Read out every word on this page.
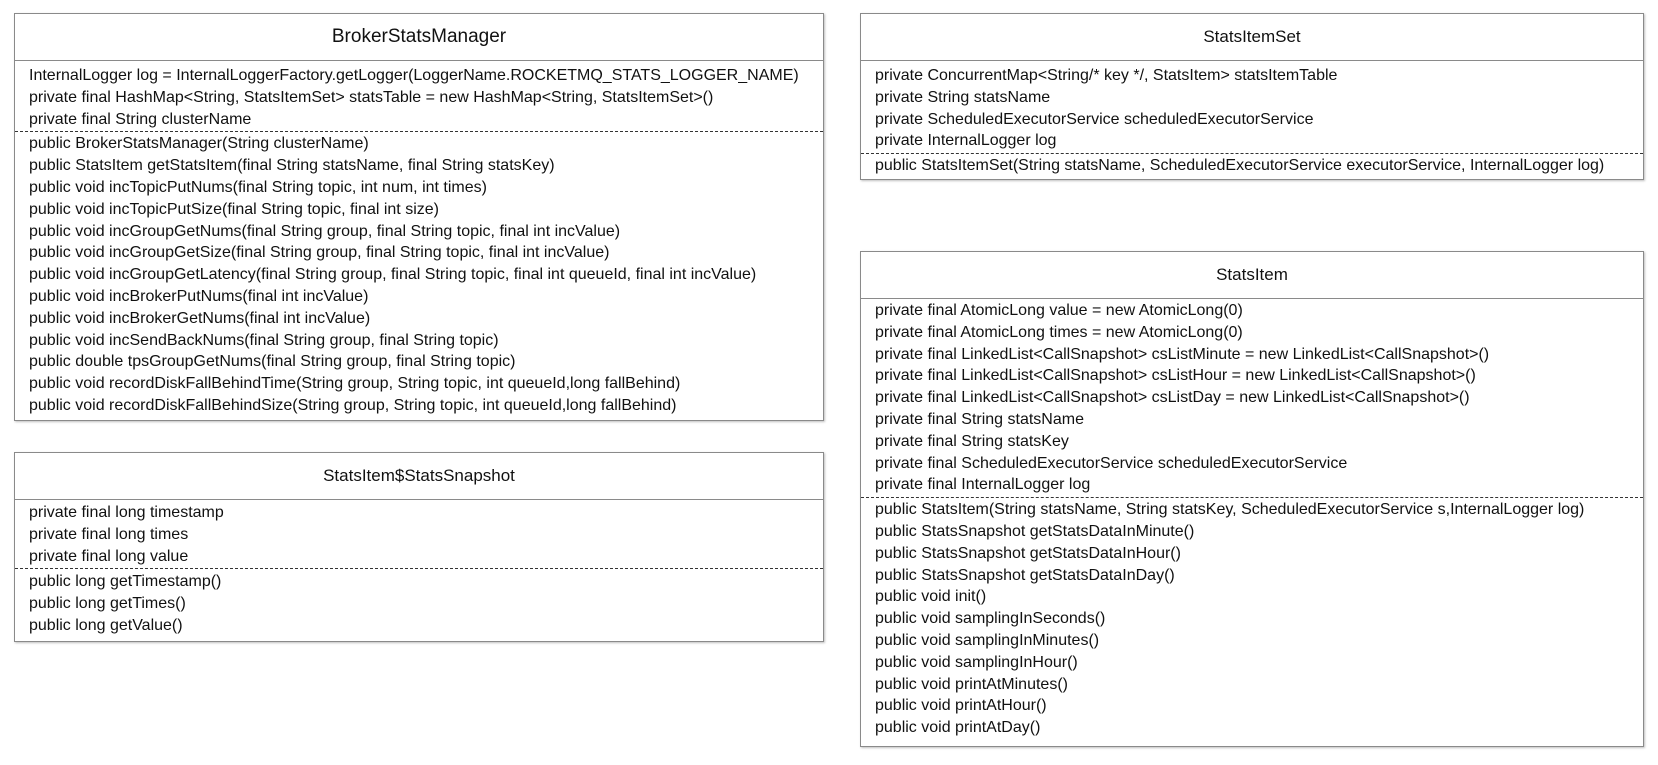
BrokerStatsManager
InternalLogger log = InternalLoggerFactory.getLogger(LoggerName.ROCKETMQ_STATS_LOGGER_NAME)
private final HashMap<String, StatsItemSet> statsTable = new HashMap<String, StatsItemSet>()
private final String clusterName
public BrokerStatsManager(String clusterName)
public StatsItem getStatsItem(final String statsName, final String statsKey)
public void incTopicPutNums(final String topic, int num, int times)
public void incTopicPutSize(final String topic, final int size)
public void incGroupGetNums(final String group, final String topic, final int incValue)
public void incGroupGetSize(final String group, final String topic, final int incValue)
public void incGroupGetLatency(final String group, final String topic, final int queueId, final int incValue)
public void incBrokerPutNums(final int incValue)
public void incBrokerGetNums(final int incValue)
public void incSendBackNums(final String group, final String topic)
public double tpsGroupGetNums(final String group, final String topic)
public void recordDiskFallBehindTime(String group, String topic, int queueId,long fallBehind)
public void recordDiskFallBehindSize(String group, String topic, int queueId,long fallBehind)
StatsItem$StatsSnapshot
private final long timestamp
private final long times
private final long value
public long getTimestamp()
public long getTimes()
public long getValue()
StatsItemSet
private ConcurrentMap<String/* key */, StatsItem> statsItemTable
private String statsName
private ScheduledExecutorService scheduledExecutorService
private InternalLogger log
public StatsItemSet(String statsName, ScheduledExecutorService executorService, InternalLogger log)
StatsItem
private final AtomicLong value = new AtomicLong(0)
private final AtomicLong times = new AtomicLong(0)
private final LinkedList<CallSnapshot> csListMinute = new LinkedList<CallSnapshot>()
private final LinkedList<CallSnapshot> csListHour = new LinkedList<CallSnapshot>()
private final LinkedList<CallSnapshot> csListDay = new LinkedList<CallSnapshot>()
private final String statsName
private final String statsKey
private final ScheduledExecutorService scheduledExecutorService
private final InternalLogger log
public StatsItem(String statsName, String statsKey, ScheduledExecutorService s,InternalLogger log)
public StatsSnapshot getStatsDataInMinute()
public StatsSnapshot getStatsDataInHour()
public StatsSnapshot getStatsDataInDay()
public void init()
public void samplingInSeconds()
public void samplingInMinutes()
public void samplingInHour()
public void printAtMinutes()
public void printAtHour()
public void printAtDay()
